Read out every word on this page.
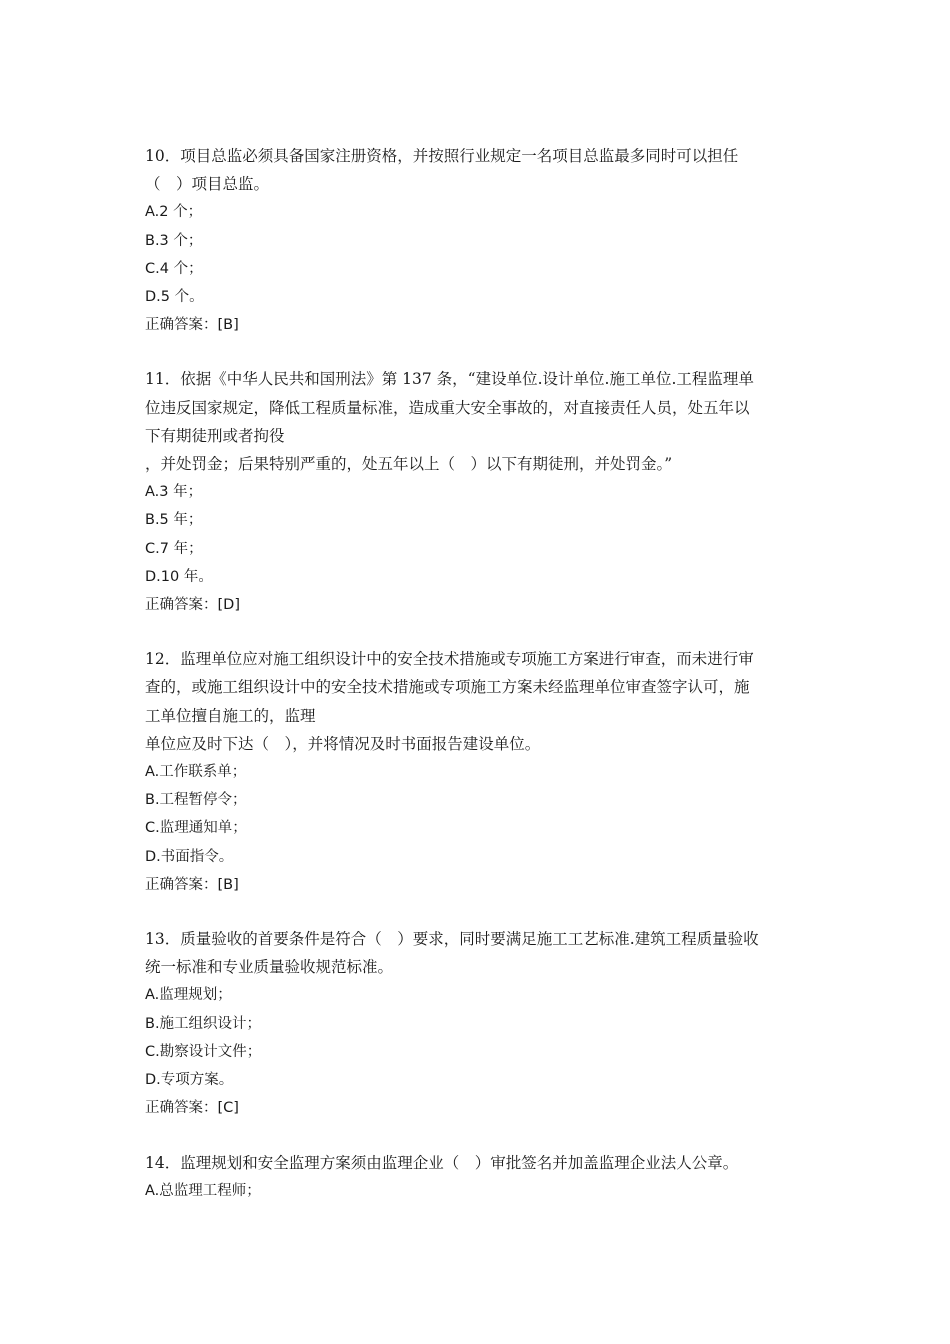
10．项目总监必须具备国家注册资格，并按照行业规定一名项目总监最多同时可以担任

（　）项目总监。

A.2 个；

B.3 个；

C.4 个；

D.5 个。

正确答案：[B]

11．依据《中华人民共和国刑法》第 137 条，“建设单位.设计单位.施工单位.工程监理单

位违反国家规定，降低工程质量标准，造成重大安全事故的，对直接责任人员，处五年以

下有期徒刑或者拘役

，并处罚金；后果特别严重的，处五年以上（　）以下有期徒刑，并处罚金。”

A.3 年；

B.5 年；

C.7 年；

D.10 年。

正确答案：[D]

12．监理单位应对施工组织设计中的安全技术措施或专项施工方案进行审查，而未进行审

查的，或施工组织设计中的安全技术措施或专项施工方案未经监理单位审查签字认可，施

工单位擅自施工的，监理

单位应及时下达（　），并将情况及时书面报告建设单位。

A.工作联系单；

B.工程暂停令；

C.监理通知单；

D.书面指令。

正确答案：[B]

13．质量验收的首要条件是符合（　）要求，同时要满足施工工艺标准.建筑工程质量验收

统一标准和专业质量验收规范标准。

A.监理规划；

B.施工组织设计；

C.勘察设计文件；

D.专项方案。

正确答案：[C]

14．监理规划和安全监理方案须由监理企业（　）审批签名并加盖监理企业法人公章。

A.总监理工程师；
